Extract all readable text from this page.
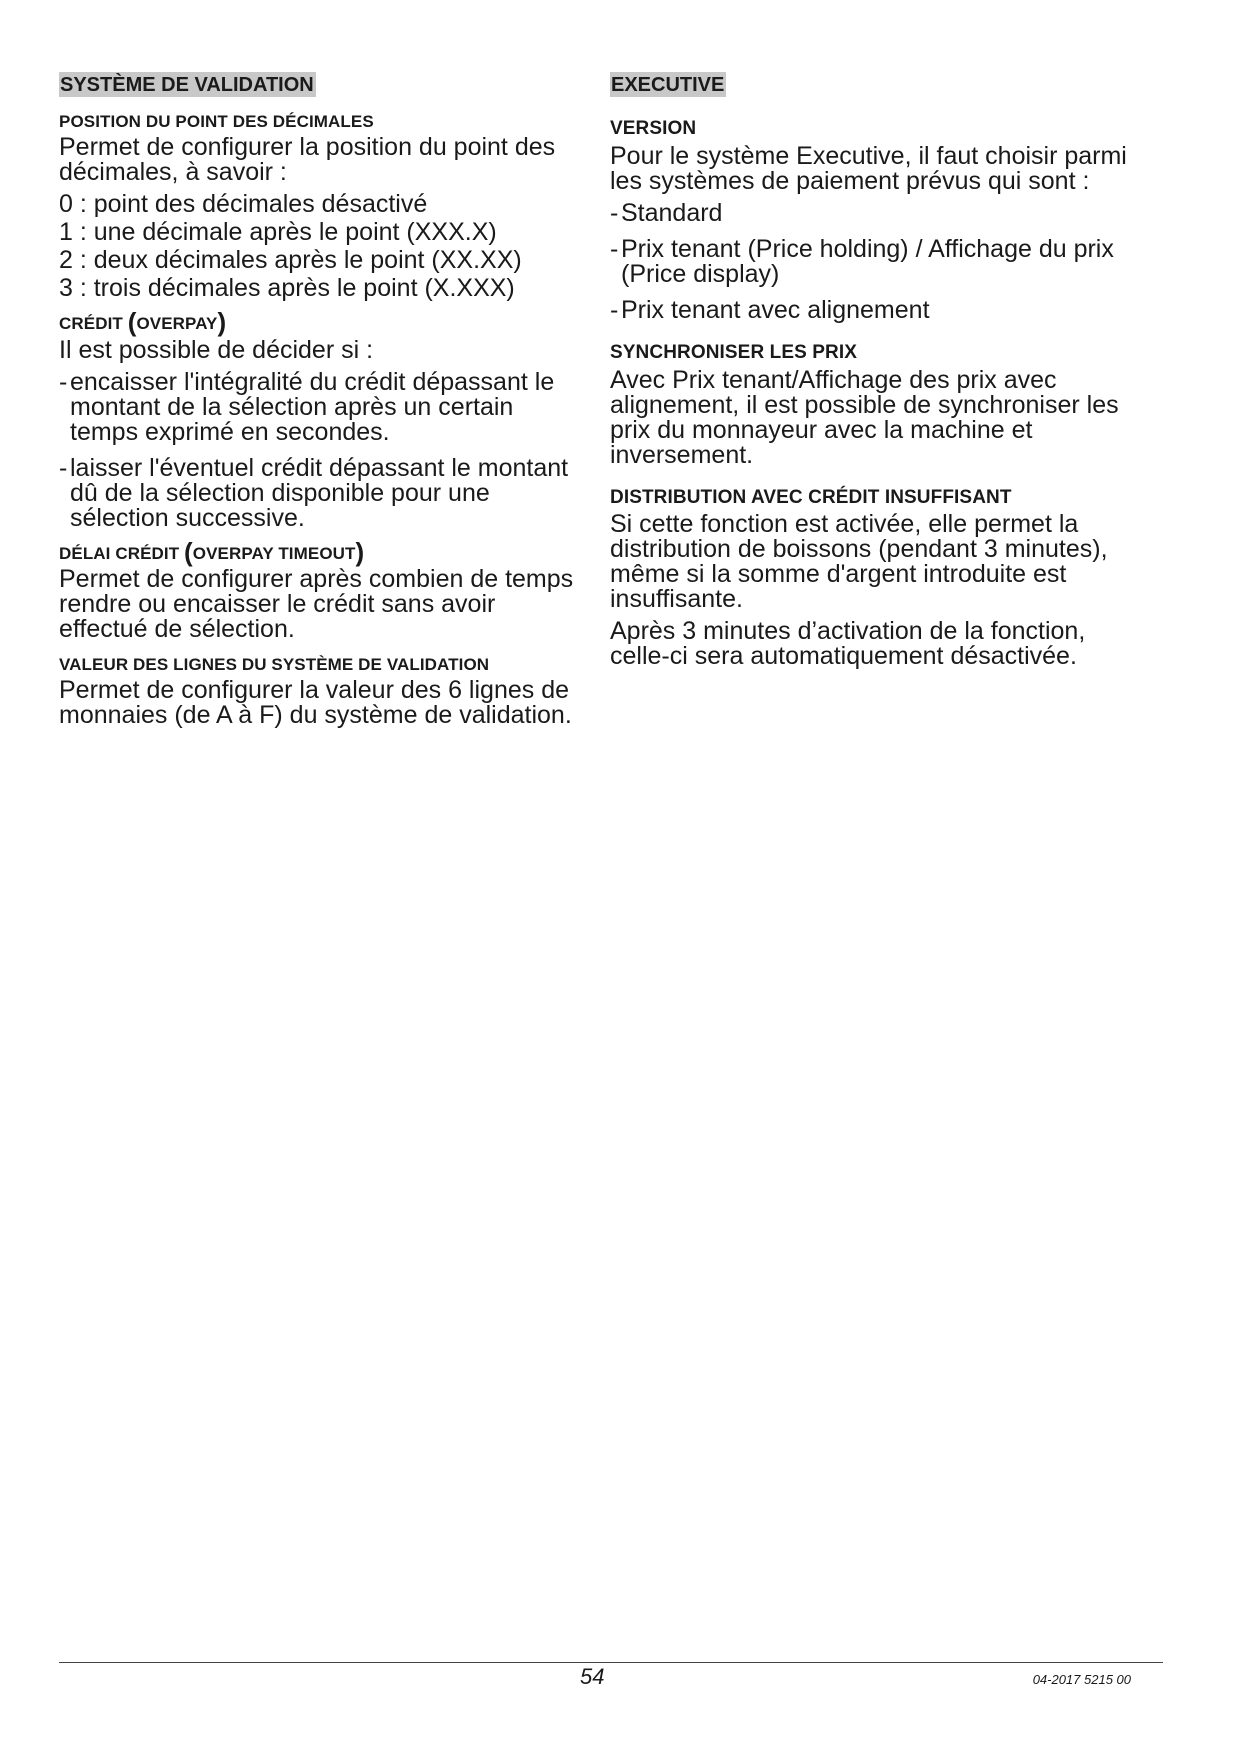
SYSTÈME DE VALIDATION
POSITION DU POINT DES DÉCIMALES

Permet de configurer la position du point des décimales, à savoir :

0 : point des décimales désactivé

1 : une décimale après le point (XXX.X)

2 : deux décimales après le point (XX.XX)

3 : trois décimales après le point (X.XXX)

CRÉDIT (OVERPAY)

Il est possible de décider si :

- encaisser l'intégralité du crédit dépassant le montant de la sélection après un certain temps exprimé en secondes.
- laisser l'éventuel crédit dépassant le montant dû de la sélection disponible pour une sélection successive.
DÉLAI CRÉDIT (OVERPAY TIMEOUT)

Permet de configurer après combien de temps rendre ou encaisser le crédit sans avoir effectué de sélection.

VALEUR DES LIGNES DU SYSTÈME DE VALIDATION

Permet de configurer la valeur des 6 lignes de monnaies (de A à F) du système de validation.

EXECUTIVE
VERSION

Pour le système Executive, il faut choisir parmi les systèmes de paiement prévus qui sont :

- Standard
- Prix tenant (Price holding) / Affichage du prix (Price display)
- Prix tenant avec alignement
SYNCHRONISER LES PRIX

Avec Prix tenant/Affichage des prix avec alignement, il est possible de synchroniser les prix du monnayeur avec la machine et inversement.

DISTRIBUTION AVEC CRÉDIT INSUFFISANT

Si cette fonction est activée, elle permet la distribution de boissons (pendant 3 minutes), même si la somme d'argent introduite est insuffisante.

Après 3 minutes d’activation de la fonction, celle-ci sera automatiquement désactivée.

54	04-2017 5215 00
